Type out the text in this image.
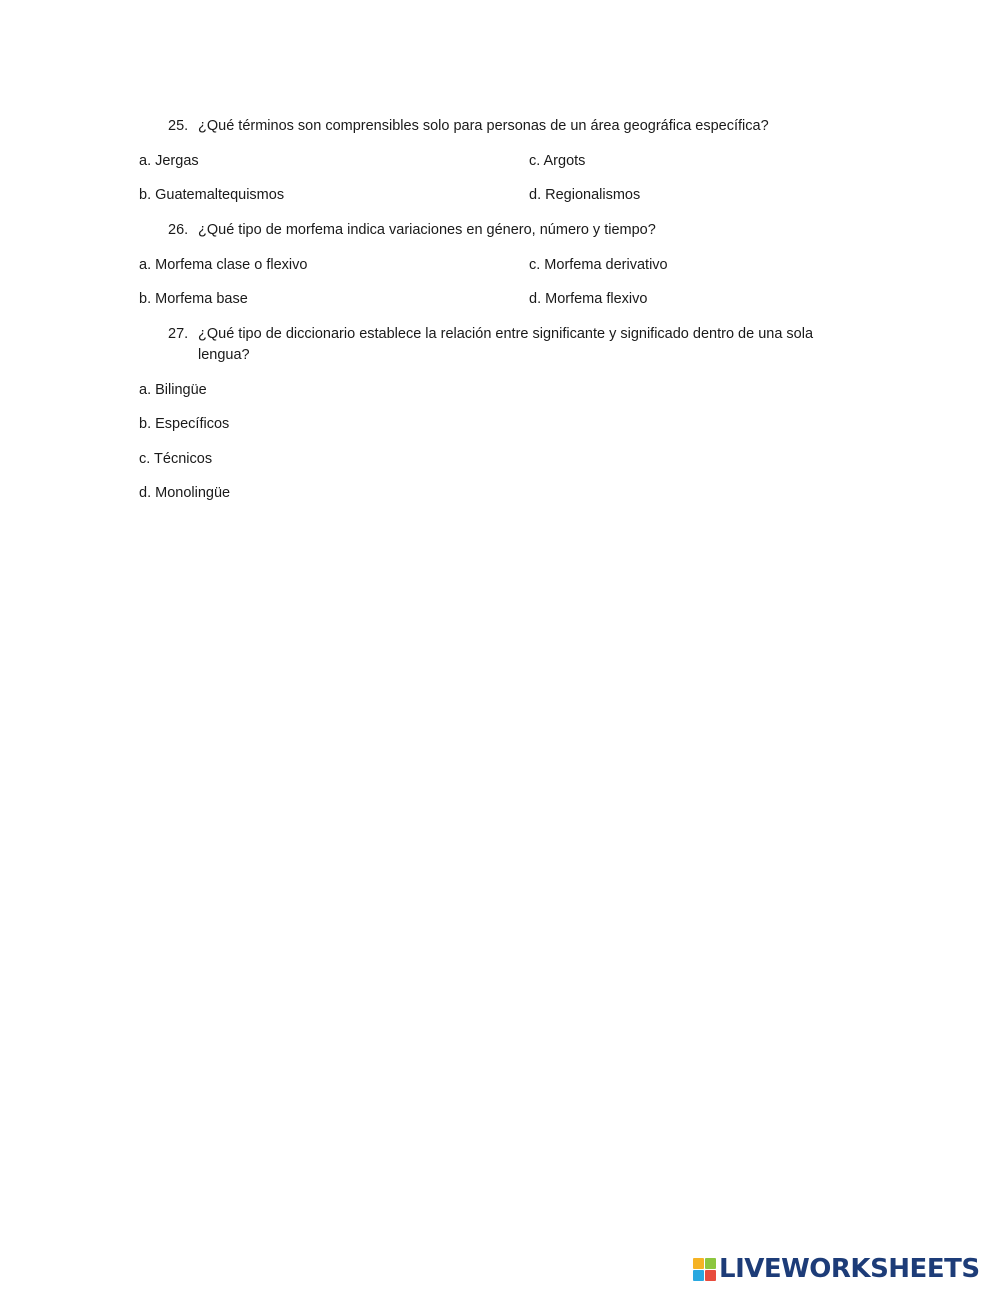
25. ¿Qué términos son comprensibles solo para personas de un área geográfica específica?
a. Jergas	c. Argots
b. Guatemaltequismos	d. Regionalismos
26. ¿Qué tipo de morfema indica variaciones en género, número y tiempo?
a. Morfema clase o flexivo	c. Morfema derivativo
b. Morfema base	d. Morfema flexivo
27. ¿Qué tipo de diccionario establece la relación entre significante y significado dentro de una sola lengua?
a. Bilingüe
b. Específicos
c. Técnicos
d. Monolingüe
LIVEWORKSHEETS
